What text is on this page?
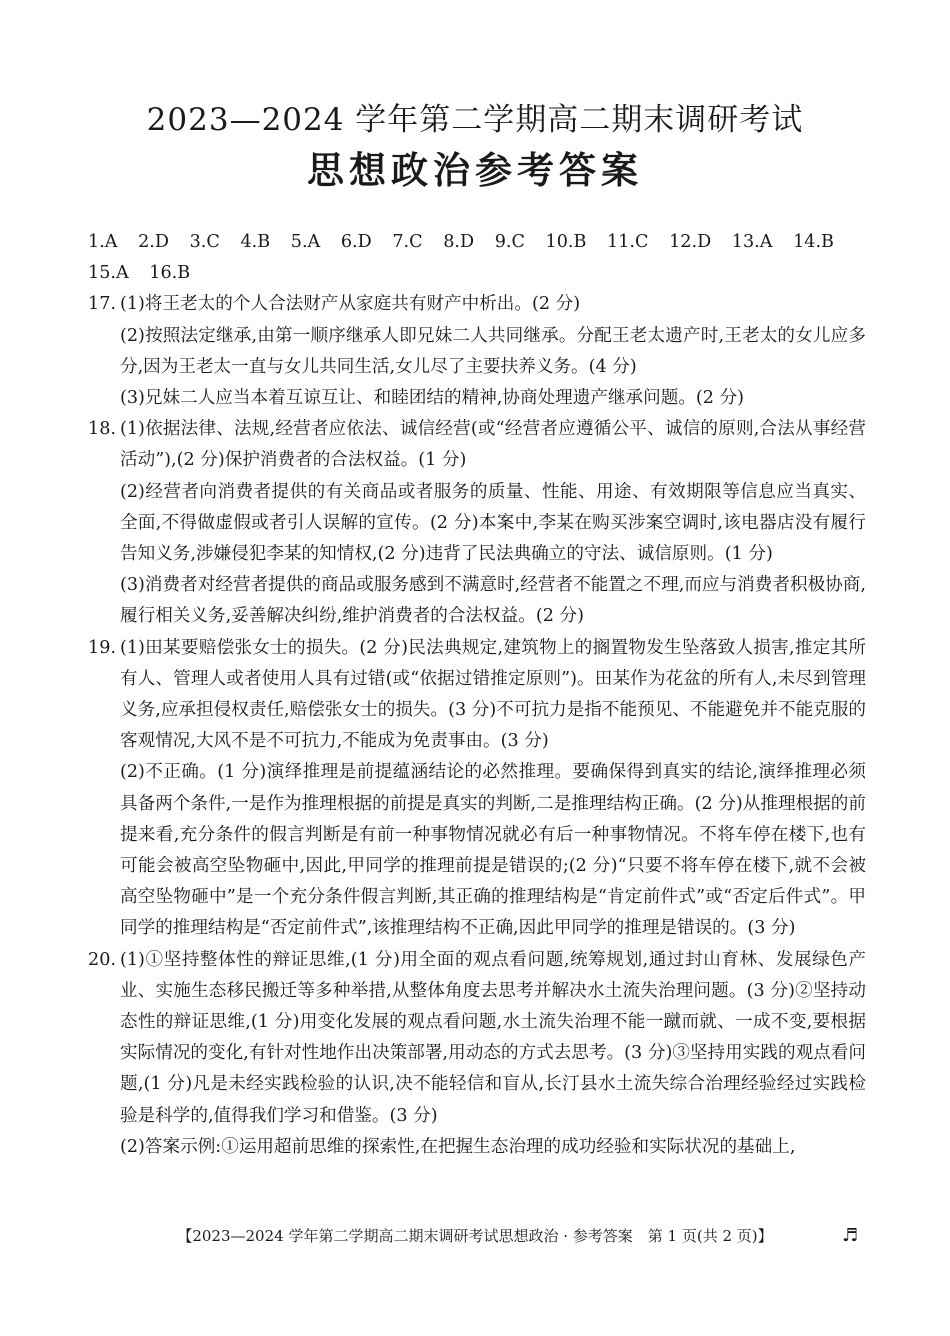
2023—2024 学年第二学期高二期末调研考试
思想政治参考答案
1.A 2.D 3.C 4.B 5.A 6.D 7.C 8.D 9.C 10.B 11.C 12.D 13.A 14.B
15.A 16.B
17. (1)将王老太的个人合法财产从家庭共有财产中析出。(2 分)
(2)按照法定继承,由第一顺序继承人即兄妹二人共同继承。分配王老太遗产时,王老太的女儿应多分,因为王老太一直与女儿共同生活,女儿尽了主要扶养义务。(4 分)
(3)兄妹二人应当本着互谅互让、和睦团结的精神,协商处理遗产继承问题。(2 分)
18. (1)依据法律、法规,经营者应依法、诚信经营(或“经营者应遵循公平、诚信的原则,合法从事经营活动”),(2 分)保护消费者的合法权益。(1 分)
(2)经营者向消费者提供的有关商品或者服务的质量、性能、用途、有效期限等信息应当真实、全面,不得做虚假或者引人误解的宣传。(2 分)本案中,李某在购买涉案空调时,该电器店没有履行告知义务,涉嫌侵犯李某的知情权,(2 分)违背了民法典确立的守法、诚信原则。(1 分)
(3)消费者对经营者提供的商品或服务感到不满意时,经营者不能置之不理,而应与消费者积极协商,履行相关义务,妥善解决纠纷,维护消费者的合法权益。(2 分)
19. (1)田某要赔偿张女士的损失。(2 分)民法典规定,建筑物上的搁置物发生坠落致人损害,推定其所有人、管理人或者使用人具有过错(或“依据过错推定原则”)。田某作为花盆的所有人,未尽到管理义务,应承担侵权责任,赔偿张女士的损失。(3 分)不可抗力是指不能预见、不能避免并不能克服的客观情况,大风不是不可抗力,不能成为免责事由。(3 分)
(2)不正确。(1 分)演绎推理是前提蕴涵结论的必然推理。要确保得到真实的结论,演绎推理必须具备两个条件,一是作为推理根据的前提是真实的判断,二是推理结构正确。(2 分)从推理根据的前提来看,充分条件的假言判断是有前一种事物情况就必有后一种事物情况。不将车停在楼下,也有可能会被高空坠物砸中,因此,甲同学的推理前提是错误的;(2 分)“只要不将车停在楼下,就不会被高空坠物砸中”是一个充分条件假言判断,其正确的推理结构是“肯定前件式”或“否定后件式”。甲同学的推理结构是“否定前件式”,该推理结构不正确,因此甲同学的推理是错误的。(3 分)
20. (1)①坚持整体性的辩证思维,(1 分)用全面的观点看问题,统筹规划,通过封山育林、发展绿色产业、实施生态移民搬迁等多种举措,从整体角度去思考并解决水土流失治理问题。(3 分)②坚持动态性的辩证思维,(1 分)用变化发展的观点看问题,水土流失治理不能一蹴而就、一成不变,要根据实际情况的变化,有针对性地作出决策部署,用动态的方式去思考。(3 分)③坚持用实践的观点看问题,(1 分)凡是未经实践检验的认识,决不能轻信和盲从,长汀县水土流失综合治理经验经过实践检验是科学的,值得我们学习和借鉴。(3 分)
(2)答案示例:①运用超前思维的探索性,在把握生态治理的成功经验和实际状况的基础上,
【2023—2024 学年第二学期高二期末调研考试思想政治 · 参考答案　第 1 页(共 2 页)】	♬
